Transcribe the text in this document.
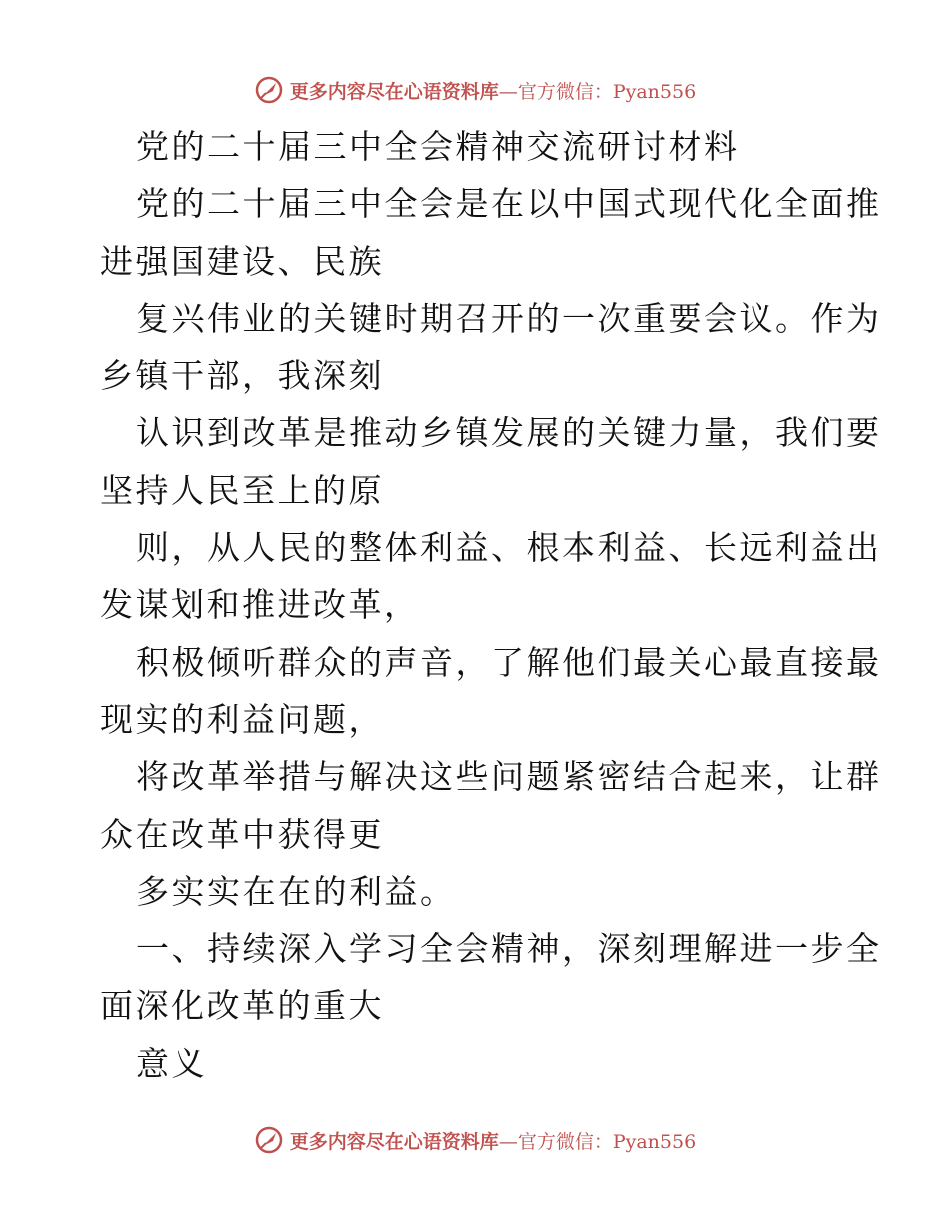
更多内容尽在心语资料库—官方微信：Pyan556
党的二十届三中全会精神交流研讨材料
党的二十届三中全会是在以中国式现代化全面推
进强国建设、民族
复兴伟业的关键时期召开的一次重要会议。作为
乡镇干部，我深刻
认识到改革是推动乡镇发展的关键力量，我们要
坚持人民至上的原
则，从人民的整体利益、根本利益、长远利益出
发谋划和推进改革，
积极倾听群众的声音，了解他们最关心最直接最
现实的利益问题，
将改革举措与解决这些问题紧密结合起来，让群
众在改革中获得更
多实实在在的利益。
一、持续深入学习全会精神，深刻理解进一步全
面深化改革的重大
意义
更多内容尽在心语资料库—官方微信：Pyan556
